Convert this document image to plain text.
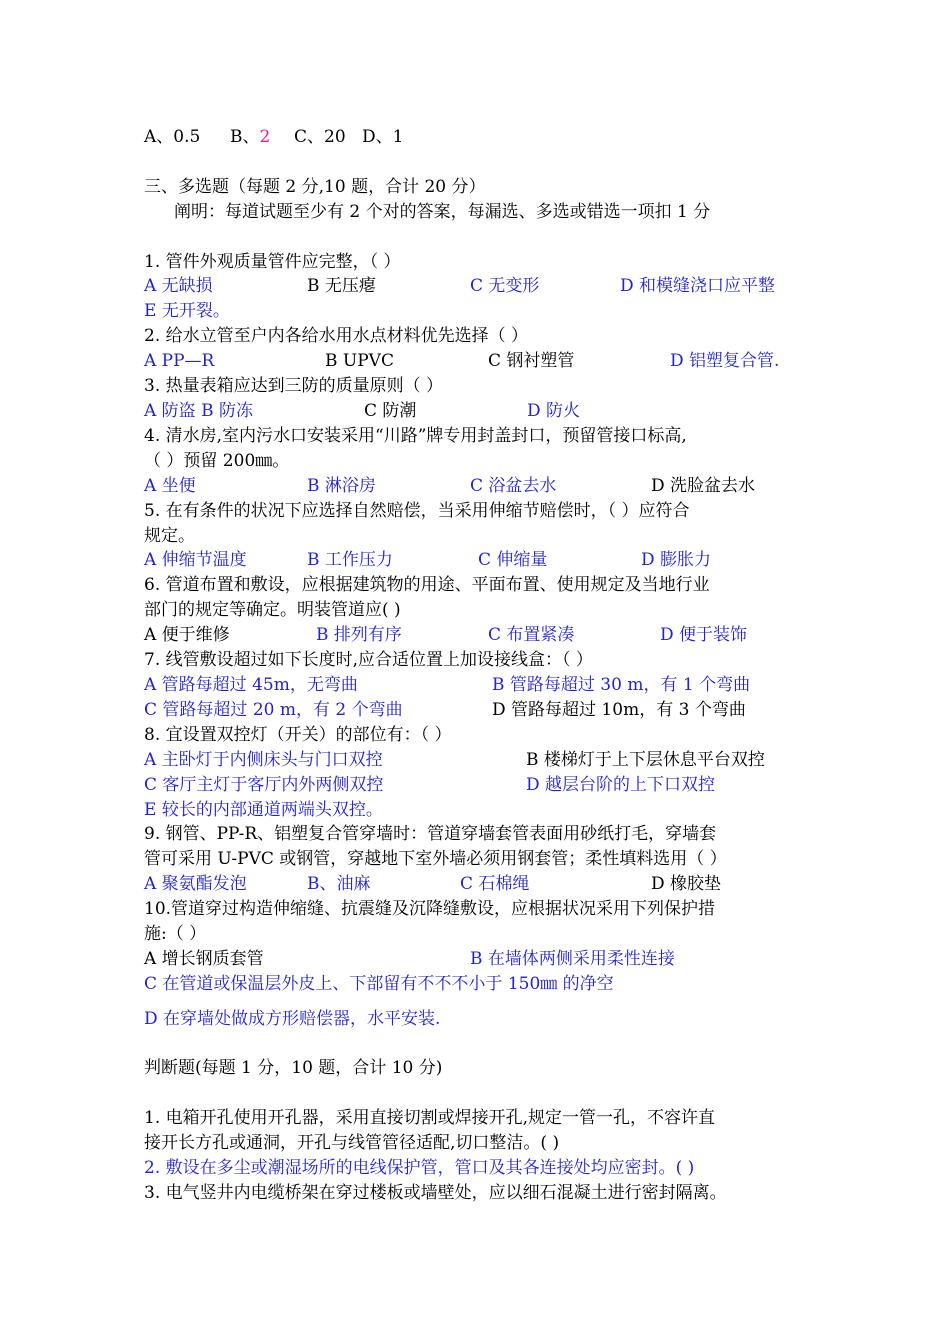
A、0.5 B、2 C、20 D、1
三、多选题（每题 2 分,10 题，合计 20 分）
阐明：每道试题至少有 2 个对的答案，每漏选、多选或错选一项扣 1 分
1. 管件外观质量管件应完整，（ ）
A 无缺损	B 无压瘪	C 无变形	D 和模缝浇口应平整
E 无开裂。
2. 给水立管至户内各给水用水点材料优先选择（ ）
A PP—R	B UPVC	C 钢衬塑管	D 铝塑复合管.
3. 热量表箱应达到三防的质量原则（ ）
A 防盗 B 防冻	C 防潮	D 防火
4. 清水房,室内污水口安装采用“川路”牌专用封盖封口，预留管接口标高,
（ ）预留 200㎜。
A 坐便	B 淋浴房	C 浴盆去水	D 洗脸盆去水
5. 在有条件的状况下应选择自然赔偿，当采用伸缩节赔偿时，（ ）应符合
规定。
A 伸缩节温度	B 工作压力	C 伸缩量	D 膨胀力
6. 管道布置和敷设，应根据建筑物的用途、平面布置、使用规定及当地行业
部门的规定等确定。明装管道应( )
A 便于维修	B 排列有序	C 布置紧凑	D 便于装饰
7. 线管敷设超过如下长度时,应合适位置上加设接线盒：（ ）
A 管路每超过 45m，无弯曲	B 管路每超过 30 m，有 1 个弯曲
C 管路每超过 20 m，有 2 个弯曲	D 管路每超过 10m，有 3 个弯曲
8. 宜设置双控灯（开关）的部位有：（ ）
A 主卧灯于内侧床头与门口双控	B 楼梯灯于上下层休息平台双控
C 客厅主灯于客厅内外两侧双控	D 越层台阶的上下口双控
E 较长的内部通道两端头双控。
9. 钢管、PP-R、铝塑复合管穿墙时：管道穿墙套管表面用砂纸打毛，穿墙套
管可采用 U-PVC 或钢管，穿越地下室外墙必须用钢套管；柔性填料选用（ ）
A 聚氨酯发泡	B、油麻	C 石棉绳	D 橡胶垫
10.管道穿过构造伸缩缝、抗震缝及沉降缝敷设，应根据状况采用下列保护措
施:（ ）
A 增长钢质套管	B 在墙体两侧采用柔性连接
C 在管道或保温层外皮上、下部留有不不不小于 150㎜ 的净空
D 在穿墙处做成方形赔偿器，水平安装.
判断题(每题 1 分，10 题，合计 10 分)
1. 电箱开孔使用开孔器，采用直接切割或焊接开孔,规定一管一孔，不容许直
接开长方孔或通洞，开孔与线管管径适配,切口整洁。( )
2. 敷设在多尘或潮湿场所的电线保护管，管口及其各连接处均应密封。( )
3. 电气竖井内电缆桥架在穿过楼板或墙壁处，应以细石混凝土进行密封隔离。
